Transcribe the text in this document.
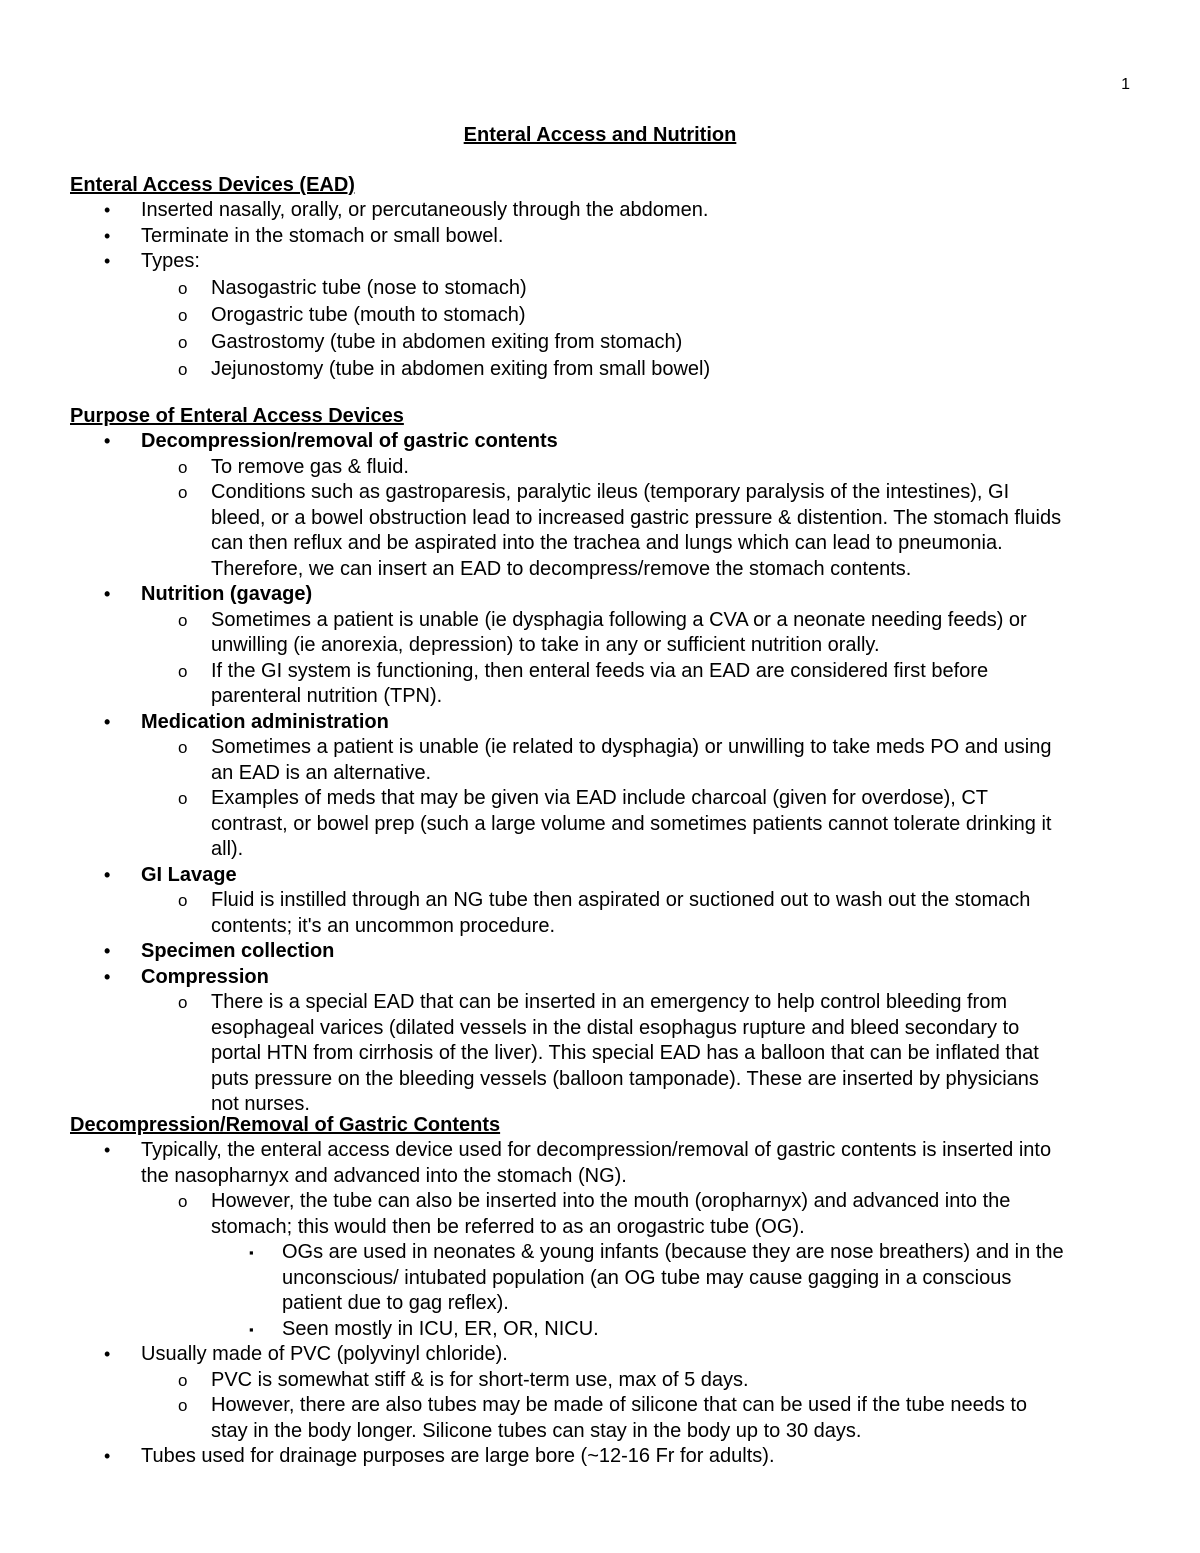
1
Enteral Access and Nutrition
Enteral Access Devices (EAD)
• Inserted nasally, orally, or percutaneously through the abdomen.
• Terminate in the stomach or small bowel.
• Types:
o Nasogastric tube (nose to stomach)
o Orogastric tube (mouth to stomach)
o Gastrostomy (tube in abdomen exiting from stomach)
o Jejunostomy (tube in abdomen exiting from small bowel)
Purpose of Enteral Access Devices
• Decompression/removal of gastric contents
o To remove gas & fluid.
o Conditions such as gastroparesis, paralytic ileus (temporary paralysis of the intestines), GI
bleed, or a bowel obstruction lead to increased gastric pressure & distention. The stomach fluids
can then reflux and be aspirated into the trachea and lungs which can lead to pneumonia.
Therefore, we can insert an EAD to decompress/remove the stomach contents.
• Nutrition (gavage)
o Sometimes a patient is unable (ie dysphagia following a CVA or a neonate needing feeds) or
unwilling (ie anorexia, depression) to take in any or sufficient nutrition orally.
o If the GI system is functioning, then enteral feeds via an EAD are considered first before
parenteral nutrition (TPN).
• Medication administration
o Sometimes a patient is unable (ie related to dysphagia) or unwilling to take meds PO and using
an EAD is an alternative.
o Examples of meds that may be given via EAD include charcoal (given for overdose), CT
contrast, or bowel prep (such a large volume and sometimes patients cannot tolerate drinking it
all).
• GI Lavage
o Fluid is instilled through an NG tube then aspirated or suctioned out to wash out the stomach
contents; it's an uncommon procedure.
• Specimen collection
• Compression
o There is a special EAD that can be inserted in an emergency to help control bleeding from
esophageal varices (dilated vessels in the distal esophagus rupture and bleed secondary to
portal HTN from cirrhosis of the liver). This special EAD has a balloon that can be inflated that
puts pressure on the bleeding vessels (balloon tamponade). These are inserted by physicians
not nurses.
Decompression/Removal of Gastric Contents
• Typically, the enteral access device used for decompression/removal of gastric contents is inserted into
the nasopharnyx and advanced into the stomach (NG).
o However, the tube can also be inserted into the mouth (oropharnyx) and advanced into the
stomach; this would then be referred to as an orogastric tube (OG).
▪ OGs are used in neonates & young infants (because they are nose breathers) and in the
unconscious/ intubated population (an OG tube may cause gagging in a conscious
patient due to gag reflex).
▪ Seen mostly in ICU, ER, OR, NICU.
• Usually made of PVC (polyvinyl chloride).
o PVC is somewhat stiff & is for short-term use, max of 5 days.
o However, there are also tubes may be made of silicone that can be used if the tube needs to
stay in the body longer. Silicone tubes can stay in the body up to 30 days.
• Tubes used for drainage purposes are large bore (~12-16 Fr for adults).
